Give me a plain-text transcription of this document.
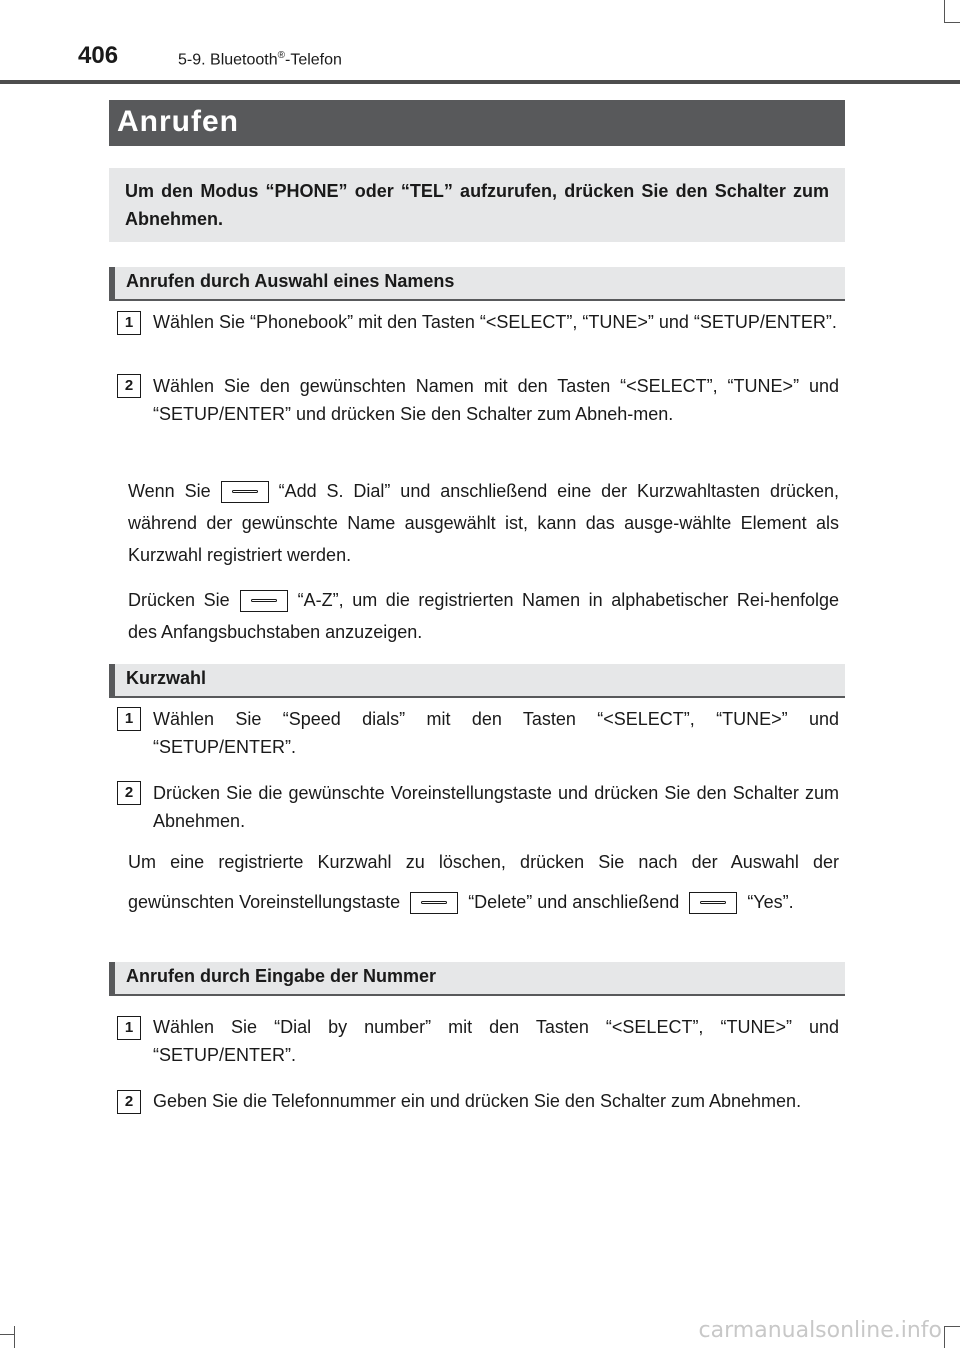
406	5-9. Bluetooth®-Telefon
Anrufen
Um den Modus “PHONE” oder “TEL” aufzurufen, drücken Sie den Schalter zum Abnehmen.
Anrufen durch Auswahl eines Namens
1	Wählen Sie “Phonebook” mit den Tasten “<SELECT”, “TUNE>” und “SETUP/ENTER”.
2	Wählen Sie den gewünschten Namen mit den Tasten “<SELECT”, “TUNE>” und “SETUP/ENTER” und drücken Sie den Schalter zum Abneh-men.
Wenn Sie	“Add S. Dial” und anschließend eine der Kurzwahltasten drücken, während der gewünschte Name ausgewählt ist, kann das ausge-wählte Element als Kurzwahl registriert werden.
Drücken Sie	“A-Z”, um die registrierten Namen in alphabetischer Rei-henfolge des Anfangsbuchstaben anzuzeigen.
Kurzwahl
1	Wählen Sie “Speed dials” mit den Tasten “<SELECT”, “TUNE>” und “SETUP/ENTER”.
2	Drücken Sie die gewünschte Voreinstellungstaste und drücken Sie den Schalter zum Abnehmen.
Um eine registrierte Kurzwahl zu löschen, drücken Sie nach der Auswahl der gewünschten Voreinstellungstaste	“Delete” und anschließend	“Yes”.
Anrufen durch Eingabe der Nummer
1	Wählen Sie “Dial by number” mit den Tasten “<SELECT”, “TUNE>” und “SETUP/ENTER”.
2	Geben Sie die Telefonnummer ein und drücken Sie den Schalter zum Abnehmen.
carmanualsonline.info
